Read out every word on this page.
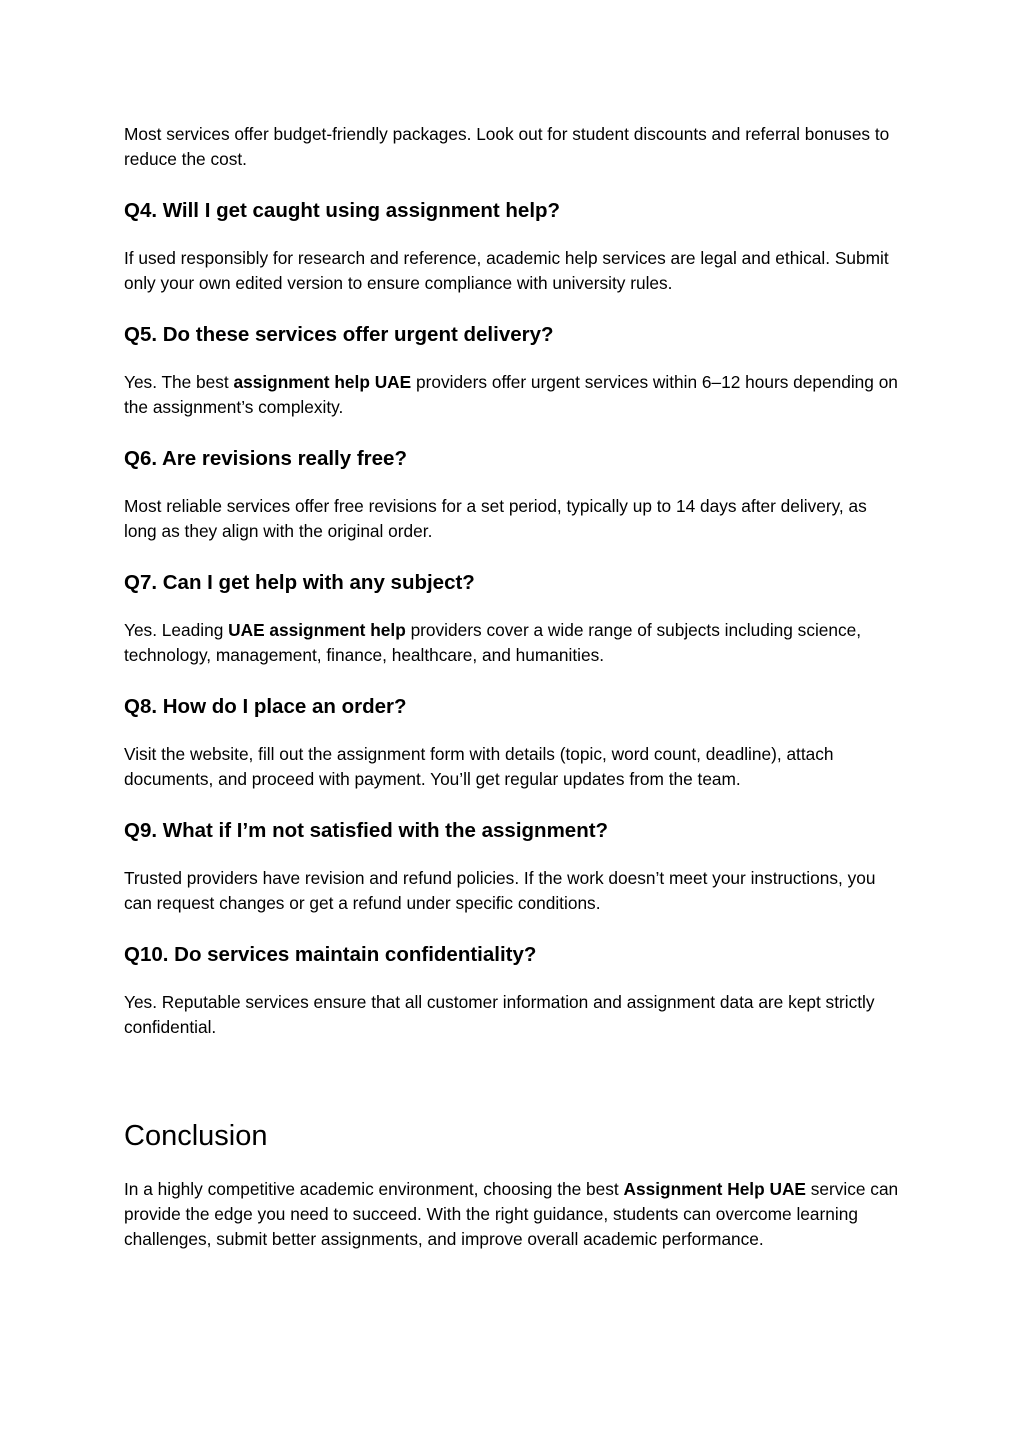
Most services offer budget-friendly packages. Look out for student discounts and referral bonuses to reduce the cost.

Q4. Will I get caught using assignment help?

If used responsibly for research and reference, academic help services are legal and ethical. Submit only your own edited version to ensure compliance with university rules.

Q5. Do these services offer urgent delivery?

Yes. The best assignment help UAE providers offer urgent services within 6–12 hours depending on the assignment’s complexity.

Q6. Are revisions really free?

Most reliable services offer free revisions for a set period, typically up to 14 days after delivery, as long as they align with the original order.

Q7. Can I get help with any subject?

Yes. Leading UAE assignment help providers cover a wide range of subjects including science, technology, management, finance, healthcare, and humanities.

Q8. How do I place an order?

Visit the website, fill out the assignment form with details (topic, word count, deadline), attach documents, and proceed with payment. You’ll get regular updates from the team.

Q9. What if I’m not satisfied with the assignment?

Trusted providers have revision and refund policies. If the work doesn’t meet your instructions, you can request changes or get a refund under specific conditions.

Q10. Do services maintain confidentiality?

Yes. Reputable services ensure that all customer information and assignment data are kept strictly confidential.

Conclusion

In a highly competitive academic environment, choosing the best Assignment Help UAE service can provide the edge you need to succeed. With the right guidance, students can overcome learning challenges, submit better assignments, and improve overall academic performance.
